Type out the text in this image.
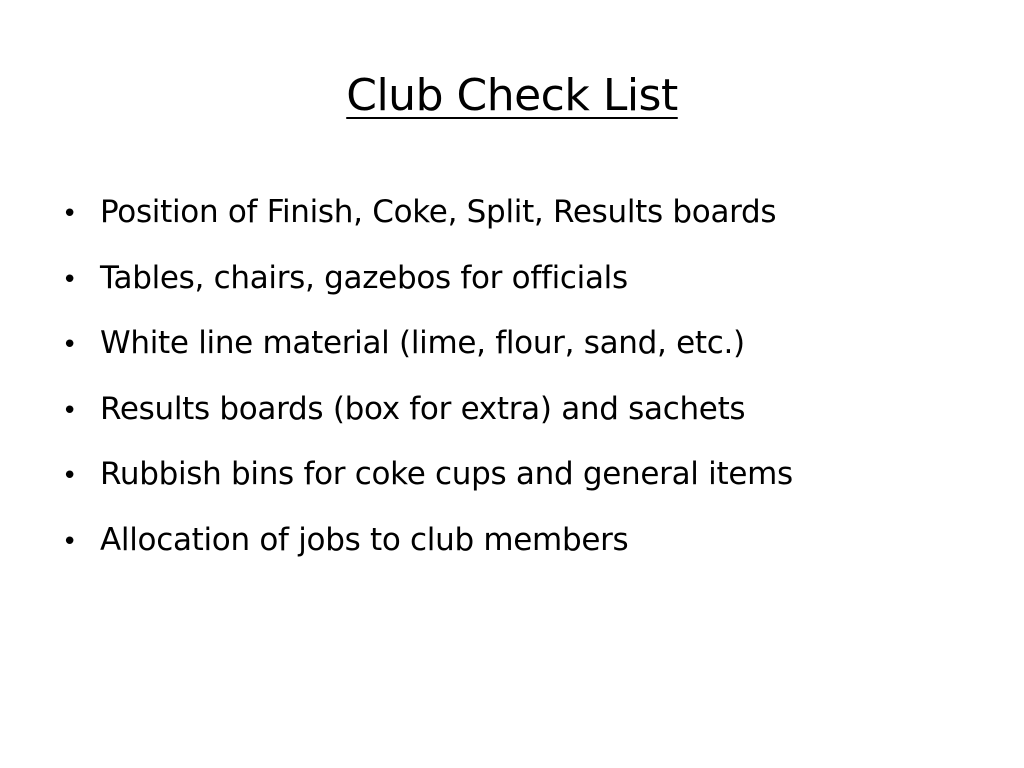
Club Check List
• Position of Finish, Coke, Split, Results boards
• Tables, chairs, gazebos for officials
• White line material (lime, flour, sand, etc.)
• Results boards (box for extra) and sachets
• Rubbish bins for coke cups and general items
• Allocation of jobs to club members
